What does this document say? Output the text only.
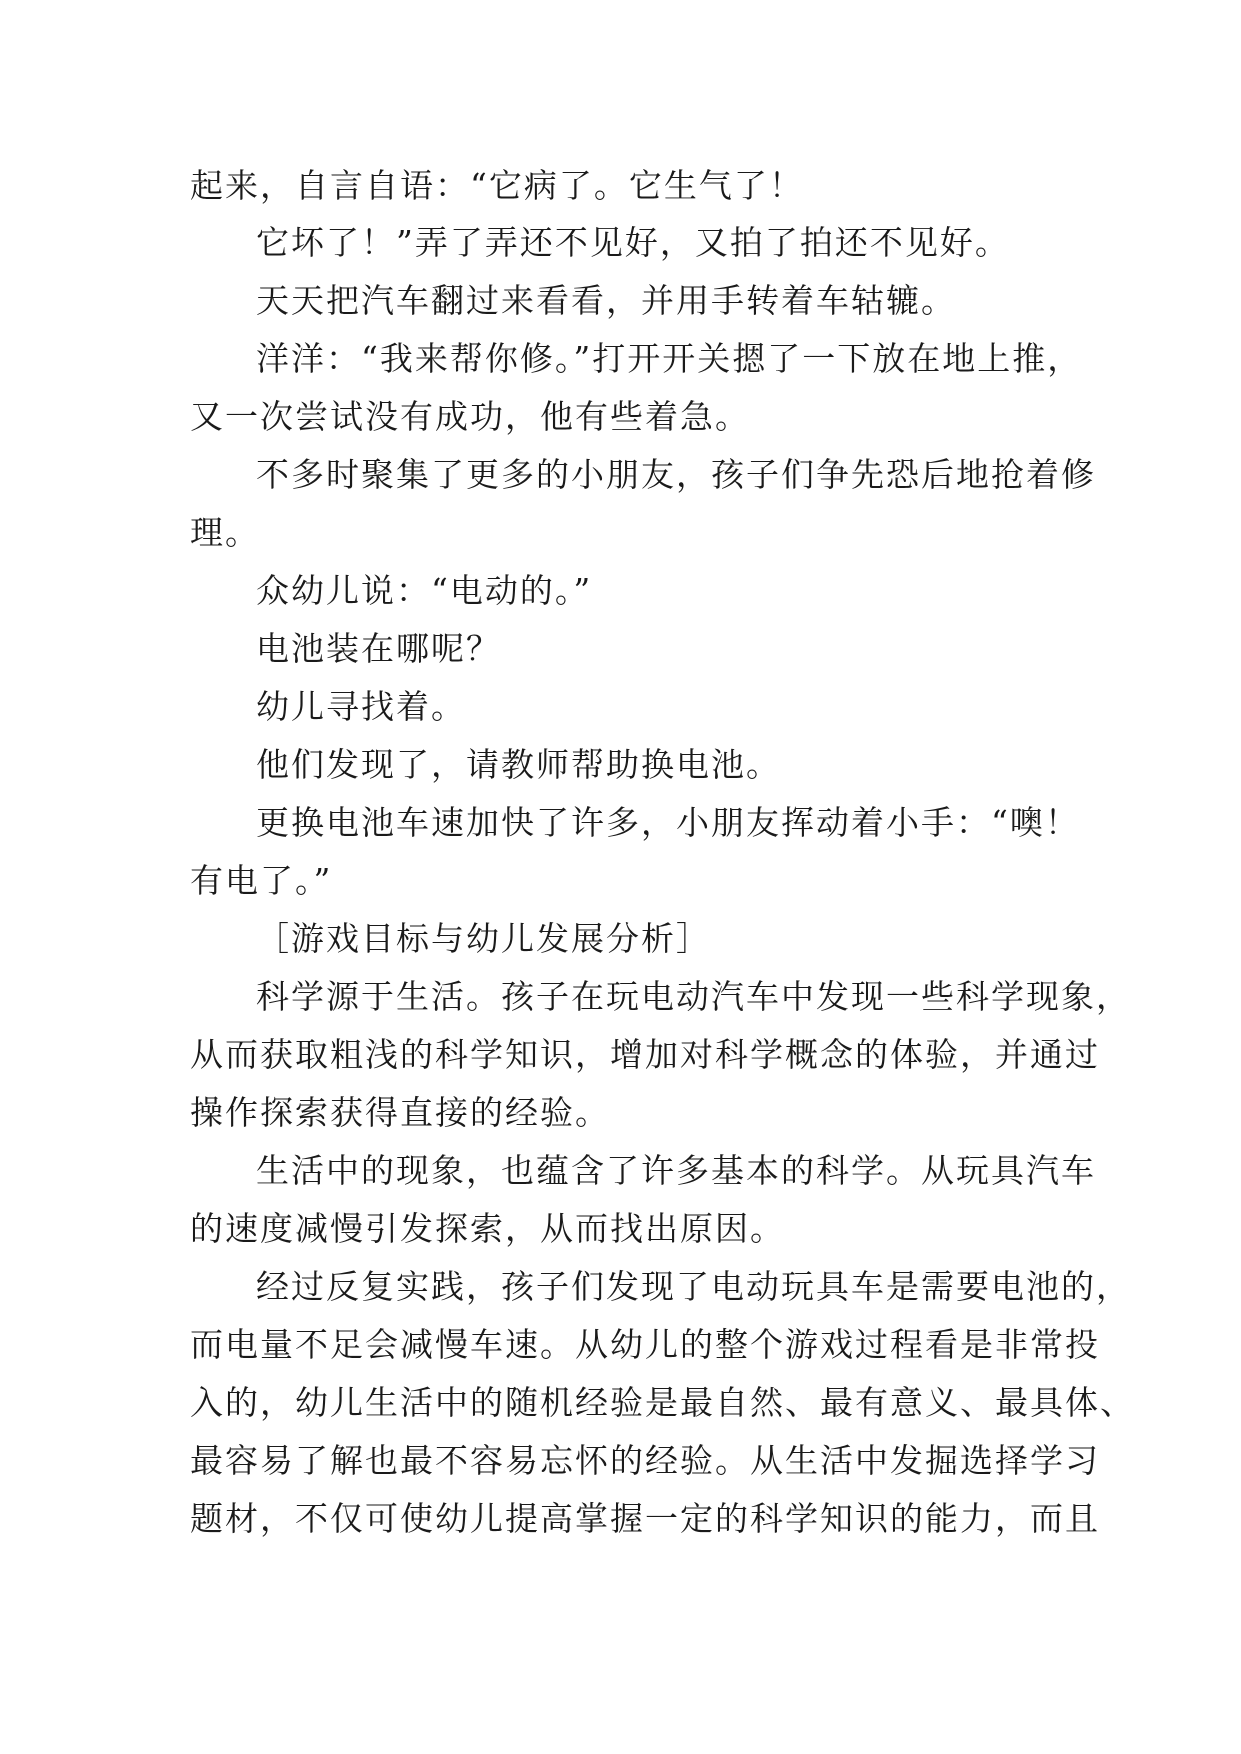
起来，自言自语：“它病了。它生气了！
它坏了！”弄了弄还不见好，又拍了拍还不见好。
天天把汽车翻过来看看，并用手转着车轱辘。
洋洋：“我来帮你修。”打开开关摁了一下放在地上推，
又一次尝试没有成功，他有些着急。
不多时聚集了更多的小朋友，孩子们争先恐后地抢着修
理。
众幼儿说：“电动的。”
电池装在哪呢？
幼儿寻找着。
他们发现了，请教师帮助换电池。
更换电池车速加快了许多，小朋友挥动着小手：“噢！
有电了。”
［游戏目标与幼儿发展分析］
科学源于生活。孩子在玩电动汽车中发现一些科学现象，
从而获取粗浅的科学知识，增加对科学概念的体验，并通过
操作探索获得直接的经验。
生活中的现象，也蕴含了许多基本的科学。从玩具汽车
的速度减慢引发探索，从而找出原因。
经过反复实践，孩子们发现了电动玩具车是需要电池的，
而电量不足会减慢车速。从幼儿的整个游戏过程看是非常投
入的，幼儿生活中的随机经验是最自然、最有意义、最具体、
最容易了解也最不容易忘怀的经验。从生活中发掘选择学习
题材，不仅可使幼儿提高掌握一定的科学知识的能力，而且
